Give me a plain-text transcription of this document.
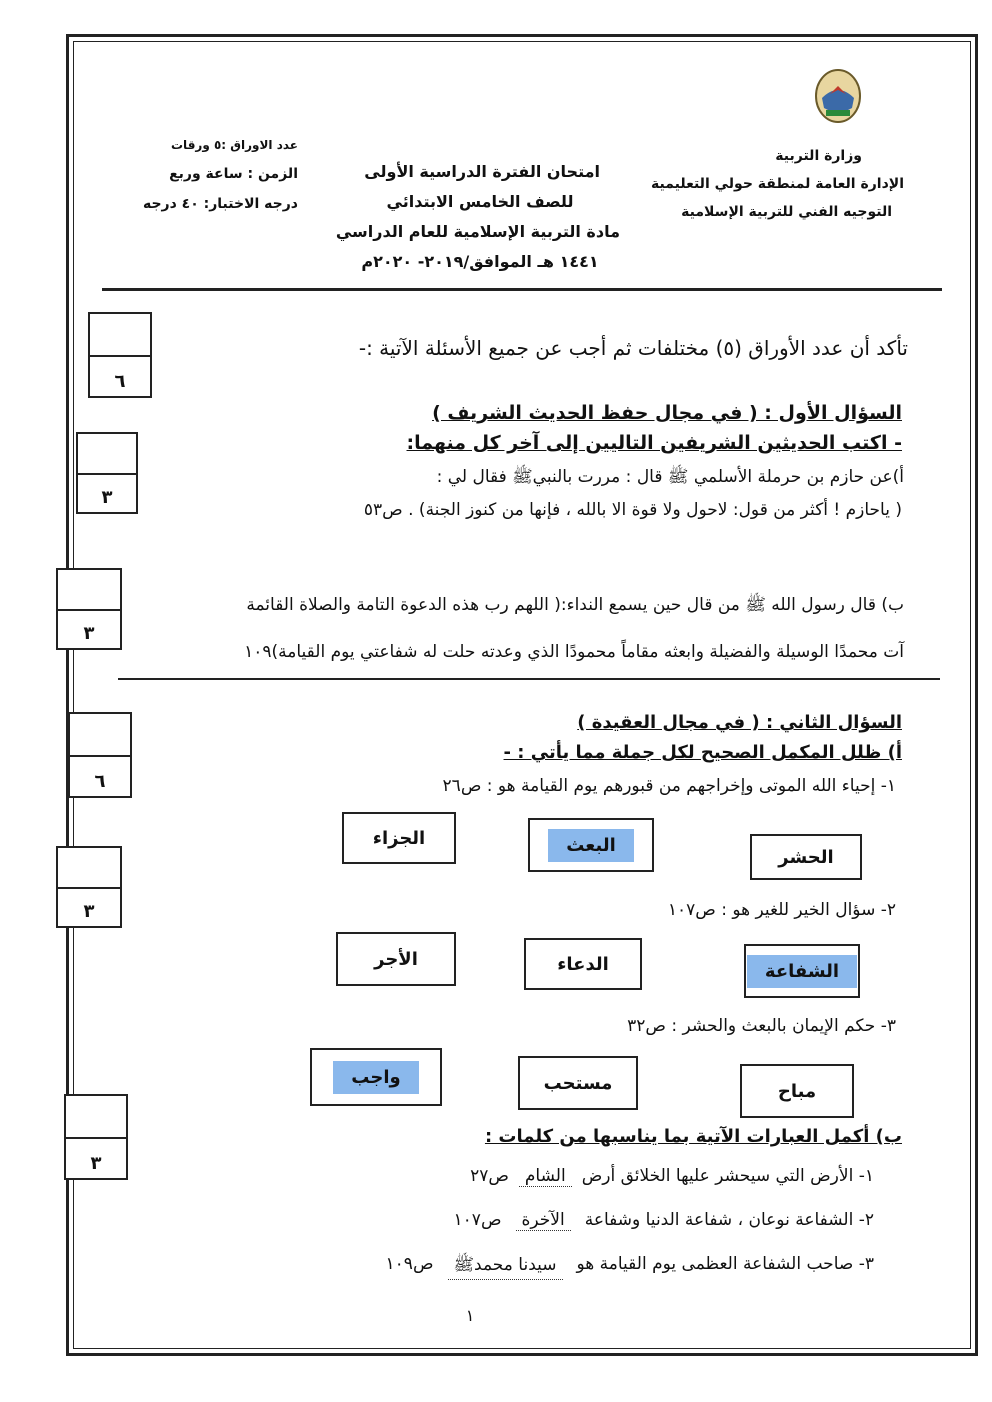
وزارة التربية
الإدارة العامة لمنطقة حولي التعليمية
التوجيه الفني للتربية الإسلامية
امتحان الفترة الدراسية الأولى
للصف الخامس الابتدائي
مادة التربية الإسلامية للعام الدراسي
١٤٤١ هـ الموافق/٢٠١٩- ٢٠٢٠م
عدد الاوراق :٥ ورقات
الزمن : ساعة وربع
درجه الاختبار: ٤٠ درجه
تأكد أن عدد الأوراق (٥) مختلفات ثم أجب عن جميع الأسئلة الآتية :-
٦
٣
٣
٦
٣
٣
السؤال الأول : ( في مجال حفظ الحديث الشريف )
- اكتب الحديثين الشريفين التاليين إلى آخر كل منهما:
أ)عن حازم بن حرملة الأسلمي ﷺ قال : مررت بالنبيﷺ فقال لي :
( ياحازم ! أكثر من قول: لاحول ولا قوة الا بالله ، فإنها من كنوز الجنة) . ص٥٣
ب) قال رسول الله ﷺ من قال حين يسمع النداء:( اللهم رب هذه الدعوة التامة والصلاة القائمة
آت محمدًا الوسيلة والفضيلة وابعثه مقاماً محمودًا الذي وعدته حلت له شفاعتي يوم القيامة)١٠٩
السؤال الثاني : ( في مجال العقيدة )
أ) ظلل المكمل الصحيح لكل جملة مما يأتي : -
١- إحياء الله الموتى وإخراجهم من قبورهم يوم القيامة هو : ص٢٦
الحشر
البعث
الجزاء
٢- سؤال الخير للغير هو : ص١٠٧
الشفاعة
الدعاء
الأجر
٣- حكم الإيمان بالبعث والحشر : ص٣٢
مباح
مستحب
واجب
ب) أكمل العبارات الآتية بما يناسبها من كلمات :
١- الأرض التي سيحشر عليها الخلائق أرض
الشام
ص٢٧
٢- الشفاعة نوعان ، شفاعة الدنيا وشفاعة
الآخرة
ص١٠٧
٣- صاحب الشفاعة العظمى يوم القيامة هو
سيدنا محمدﷺ
ص١٠٩
١
